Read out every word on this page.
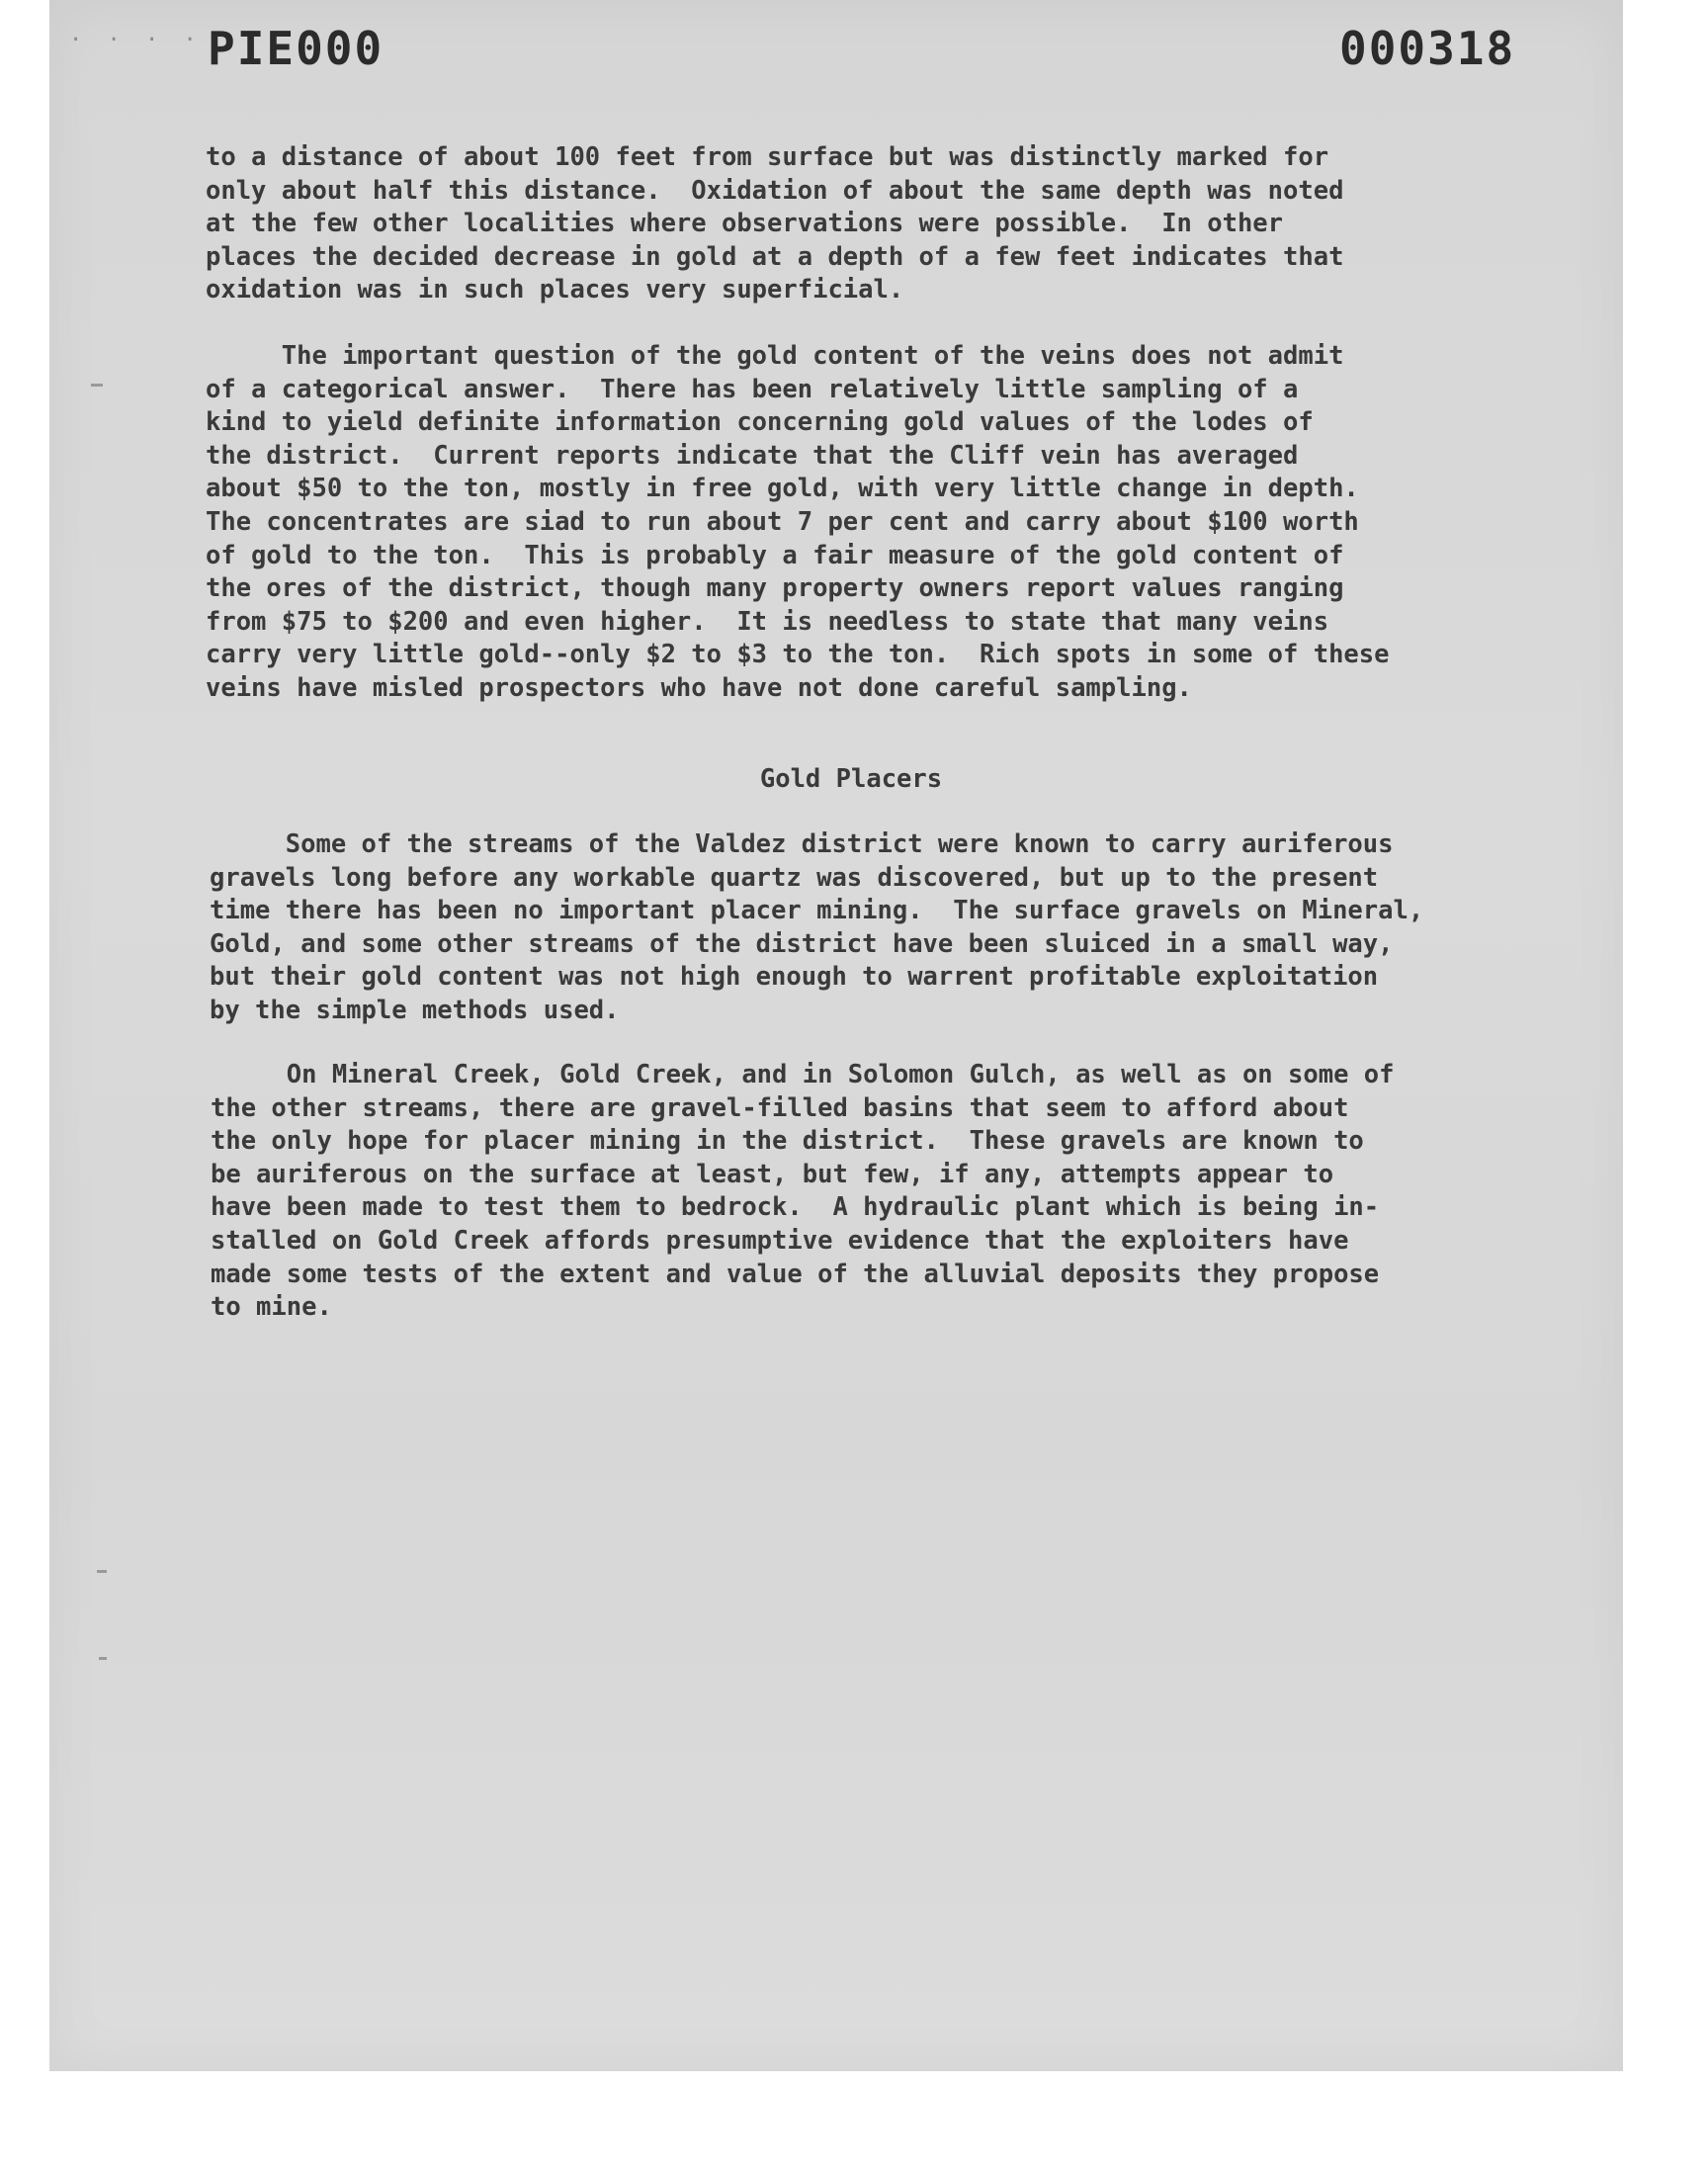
· · · · PIE000	000318

to a distance of about 100 feet from surface but was distinctly marked for
only about half this distance.  Oxidation of about the same depth was noted
at the few other localities where observations were possible.  In other
places the decided decrease in gold at a depth of a few feet indicates that
oxidation was in such places very superficial.

The important question of the gold content of the veins does not admit
of a categorical answer.  There has been relatively little sampling of a
kind to yield definite information concerning gold values of the lodes of
the district.  Current reports indicate that the Cliff vein has averaged
about $50 to the ton, mostly in free gold, with very little change in depth.
The concentrates are siad to run about 7 per cent and carry about $100 worth
of gold to the ton.  This is probably a fair measure of the gold content of
the ores of the district, though many property owners report values ranging
from $75 to $200 and even higher.  It is needless to state that many veins
carry very little gold--only $2 to $3 to the ton.  Rich spots in some of these
veins have misled prospectors who have not done careful sampling.

Gold Placers

Some of the streams of the Valdez district were known to carry auriferous
gravels long before any workable quartz was discovered, but up to the present
time there has been no important placer mining.  The surface gravels on Mineral,
Gold, and some other streams of the district have been sluiced in a small way,
but their gold content was not high enough to warrent profitable exploitation
by the simple methods used.

On Mineral Creek, Gold Creek, and in Solomon Gulch, as well as on some of
the other streams, there are gravel-filled basins that seem to afford about
the only hope for placer mining in the district.  These gravels are known to
be auriferous on the surface at least, but few, if any, attempts appear to
have been made to test them to bedrock.  A hydraulic plant which is being in-
stalled on Gold Creek affords presumptive evidence that the exploiters have
made some tests of the extent and value of the alluvial deposits they propose
to mine.
